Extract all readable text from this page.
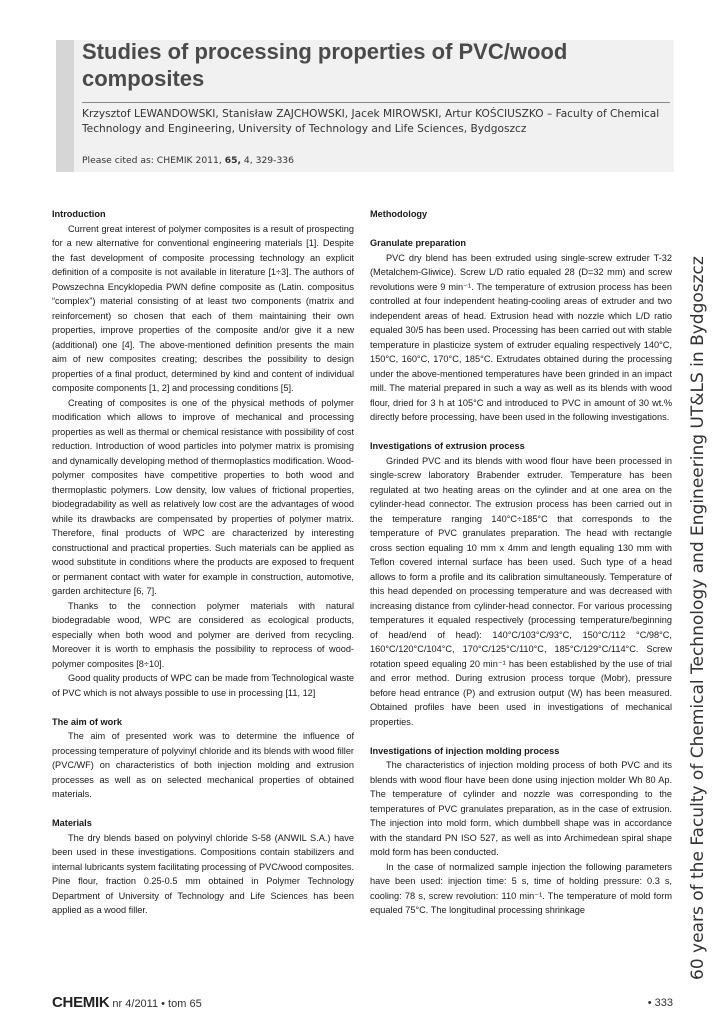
Studies of processing properties of PVC/wood composites
Krzysztof LEWANDOWSKI, Stanisław ZAJCHOWSKI, Jacek MIROWSKI, Artur KOŚCIUSZKO – Faculty of Chemical Technology and Engineering, University of Technology and Life Sciences, Bydgoszcz
Please cited as: CHEMIK 2011, 65, 4, 329-336
60 years of the Faculty of Chemical Technology and Engineering UT&LS in Bydgoszcz
Introduction

Current great interest of polymer composites is a result of prospecting for a new alternative for conventional engineering materials [1]. Despite the fast development of composite processing technology an explicit definition of a composite is not available in literature [1÷3]. The authors of Powszechna Encyklopedia PWN define composite as (Latin. compositus “complex”) material consisting of at least two components (matrix and reinforcement) so chosen that each of them maintaining their own properties, improve properties of the composite and/or give it a new (additional) one [4]. The above-mentioned definition presents the main aim of new composites creating; describes the possibility to design properties of a final product, determined by kind and content of individual composite components [1, 2] and processing conditions [5].

Creating of composites is one of the physical methods of polymer modification which allows to improve of mechanical and processing properties as well as thermal or chemical resistance with possibility of cost reduction. Introduction of wood particles into polymer matrix is promising and dynamically developing method of thermoplastics modification. Wood-polymer composites have competitive properties to both wood and thermoplastic polymers. Low density, low values of frictional properties, biodegradability as well as relatively low cost are the advantages of wood while its drawbacks are compensated by properties of polymer matrix. Therefore, final products of WPC are characterized by interesting constructional and practical properties. Such materials can be applied as wood substitute in conditions where the products are exposed to frequent or permanent contact with water for example in construction, automotive, garden architecture [6, 7].

Thanks to the connection polymer materials with natural biodegradable wood, WPC are considered as ecological products, especially when both wood and polymer are derived from recycling. Moreover it is worth to emphasis the possibility to reprocess of wood-polymer composites [8÷10].

Good quality products of WPC can be made from Technological waste of PVC which is not always possible to use in processing [11, 12]

The aim of work

The aim of presented work was to determine the influence of processing temperature of polyvinyl chloride and its blends with wood filler (PVC/WF) on characteristics of both injection molding and extrusion processes as well as on selected mechanical properties of obtained materials.

Materials

The dry blends based on polyvinyl chloride S-58 (ANWIL S.A.) have been used in these investigations. Compositions contain stabilizers and internal lubricants system facilitating processing of PVC/wood composites. Pine flour, fraction 0.25-0.5 mm obtained in Polymer Technology Department of University of Technology and Life Sciences has been applied as a wood filler.

Methodology
Granulate preparation

PVC dry blend has been extruded using single-screw extruder T-32 (Metalchem-Gliwice). Screw L/D ratio equaled 28 (D=32 mm) and screw revolutions were 9 min⁻¹. The temperature of extrusion process has been controlled at four independent heating-cooling areas of extruder and two independent areas of head. Extrusion head with nozzle which L/D ratio equaled 30/5 has been used. Processing has been carried out with stable temperature in plasticize system of extruder equaling respectively 140°C, 150°C, 160°C, 170°C, 185°C. Extrudates obtained during the processing under the above-mentioned temperatures have been grinded in an impact mill. The material prepared in such a way as well as its blends with wood flour, dried for 3 h at 105°C and introduced to PVC in amount of 30 wt.% directly before processing, have been used in the following investigations.

Investigations of extrusion process

Grinded PVC and its blends with wood flour have been processed in single-screw laboratory Brabender extruder. Temperature has been regulated at two heating areas on the cylinder and at one area on the cylinder-head connector. The extrusion process has been carried out in the temperature ranging 140°C÷185°C that corresponds to the temperature of PVC granulates preparation. The head with rectangle cross section equaling 10 mm x 4mm and length equaling 130 mm with Teflon covered internal surface has been used. Such type of a head allows to form a profile and its calibration simultaneously. Temperature of this head depended on processing temperature and was decreased with increasing distance from cylinder-head connector. For various processing temperatures it equaled respectively (processing temperature/beginning of head/end of head): 140°C/103°C/93°C, 150°C/112 °C/98°C, 160°C/120°C/104°C, 170°C/125°C/110°C, 185°C/129°C/114°C. Screw rotation speed equaling 20 min⁻¹ has been established by the use of trial and error method. During extrusion process torque (Mobr), pressure before head entrance (P) and extrusion output (W) has been measured. Obtained profiles have been used in investigations of mechanical properties.

Investigations of injection molding process

The characteristics of injection molding process of both PVC and its blends with wood flour have been done using injection molder Wh 80 Ap. The temperature of cylinder and nozzle was corresponding to the temperatures of PVC granulates preparation, as in the case of extrusion. The injection into mold form, which dumbbell shape was in accordance with the standard PN ISO 527, as well as into Archimedean spiral shape mold form has been conducted.

In the case of normalized sample injection the following parameters have been used: injection time: 5 s, time of holding pressure: 0.3 s, cooling: 78 s, screw revolution: 110 min⁻¹. The temperature of mold form equaled 75°C. The longitudinal processing shrinkage

CHEMIK nr 4/2011 • tom 65	• 333
